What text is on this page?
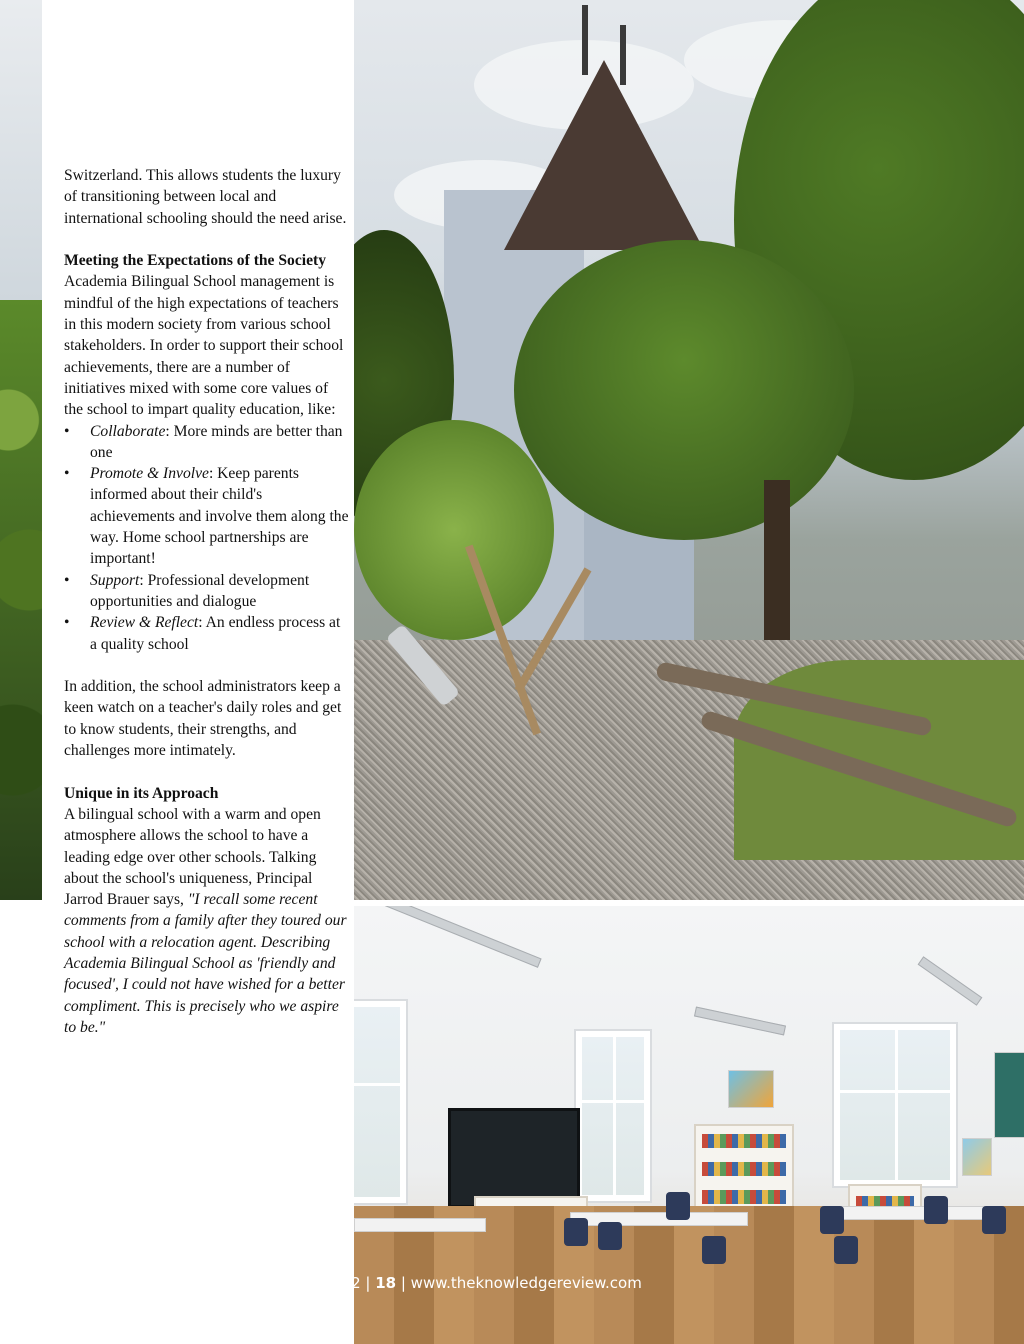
Switzerland. This allows students the luxury of transitioning between local and international schooling should the need arise.

Meeting the Expectations of the Society

Academia Bilingual School management is mindful of the high expectations of teachers in this modern society from various school stakeholders. In order to support their school achievements, there are a number of initiatives mixed with some core values of the school to impart quality education, like:

• Collaborate: More minds are better than one
• Promote & Involve: Keep parents informed about their child's achievements and involve them along the way. Home school partnerships are important!
• Support: Professional development opportunities and dialogue
• Review & Reflect: An endless process at a quality school

In addition, the school administrators keep a keen watch on a teacher's daily roles and get to know students, their strengths, and challenges more intimately.

Unique in its Approach

A bilingual school with a warm and open atmosphere allows the school to have a leading edge over other schools. Talking about the school's uniqueness, Principal Jarrod Brauer says, "I recall some recent comments from a family after they toured our school with a relocation agent. Describing Academia Bilingual School as 'friendly and focused', I could not have wished for a better compliment. This is precisely who we aspire to be."

June 2022 | 18 | www.theknowledgereview.com
